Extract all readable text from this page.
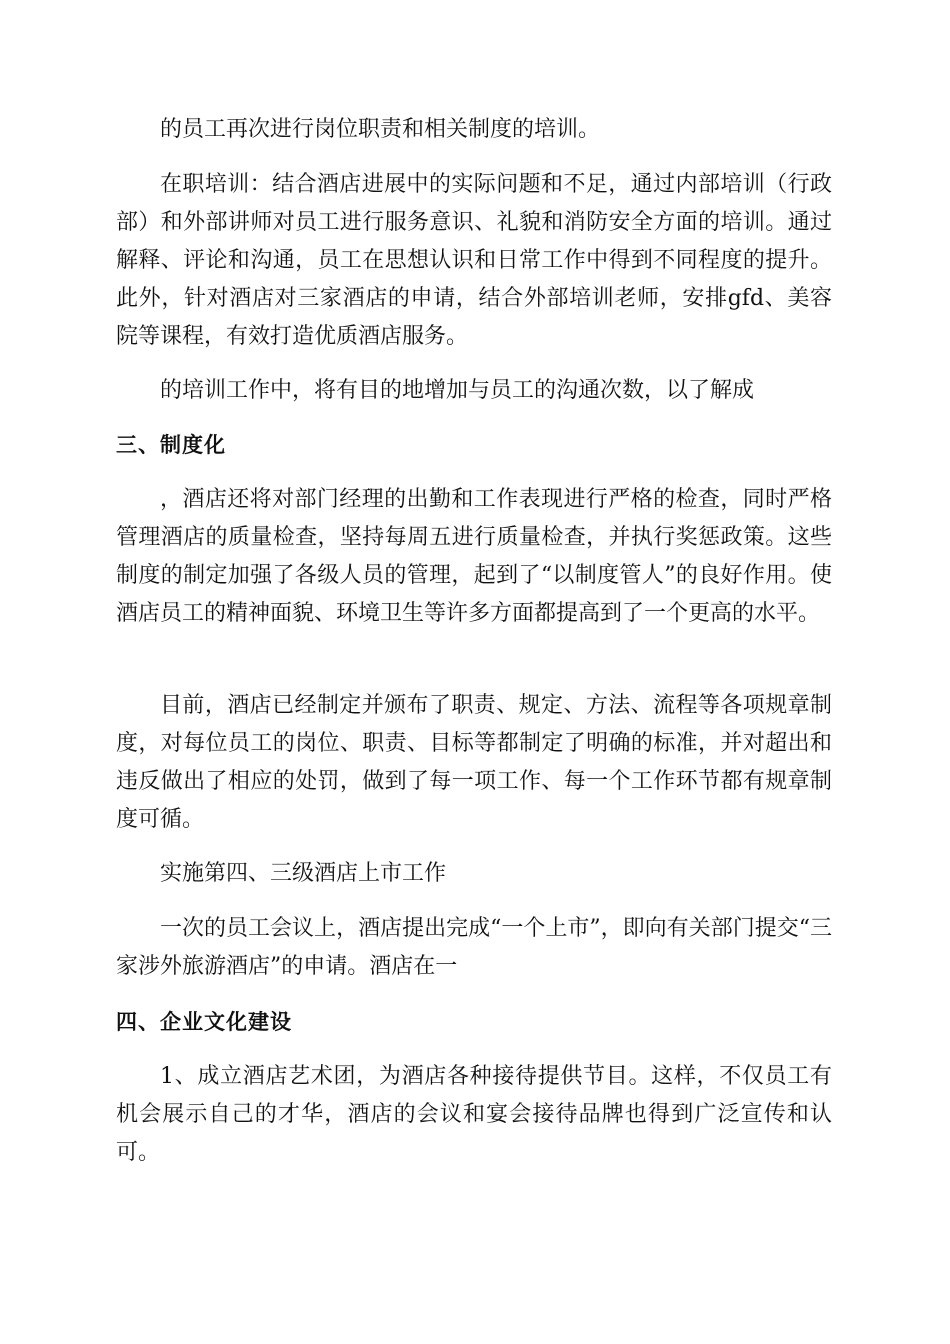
的员工再次进行岗位职责和相关制度的培训。

在职培训：结合酒店进展中的实际问题和不足，通过内部培训（行政部）和外部讲师对员工进行服务意识、礼貌和消防安全方面的培训。通过解释、评论和沟通，员工在思想认识和日常工作中得到不同程度的提升。此外，针对酒店对三家酒店的申请，结合外部培训老师，安排gfd、美容院等课程，有效打造优质酒店服务。

的培训工作中，将有目的地增加与员工的沟通次数，以了解成

三、制度化

，酒店还将对部门经理的出勤和工作表现进行严格的检查，同时严格管理酒店的质量检查，坚持每周五进行质量检查，并执行奖惩政策。这些制度的制定加强了各级人员的管理，起到了“以制度管人”的良好作用。使酒店员工的精神面貌、环境卫生等许多方面都提高到了一个更高的水平。

目前，酒店已经制定并颁布了职责、规定、方法、流程等各项规章制度，对每位员工的岗位、职责、目标等都制定了明确的标准，并对超出和违反做出了相应的处罚，做到了每一项工作、每一个工作环节都有规章制度可循。

实施第四、三级酒店上市工作

一次的员工会议上，酒店提出完成“一个上市”，即向有关部门提交“三家涉外旅游酒店”的申请。酒店在一

四、企业文化建设

1、成立酒店艺术团，为酒店各种接待提供节目。这样，不仅员工有机会展示自己的才华，酒店的会议和宴会接待品牌也得到广泛宣传和认可。
